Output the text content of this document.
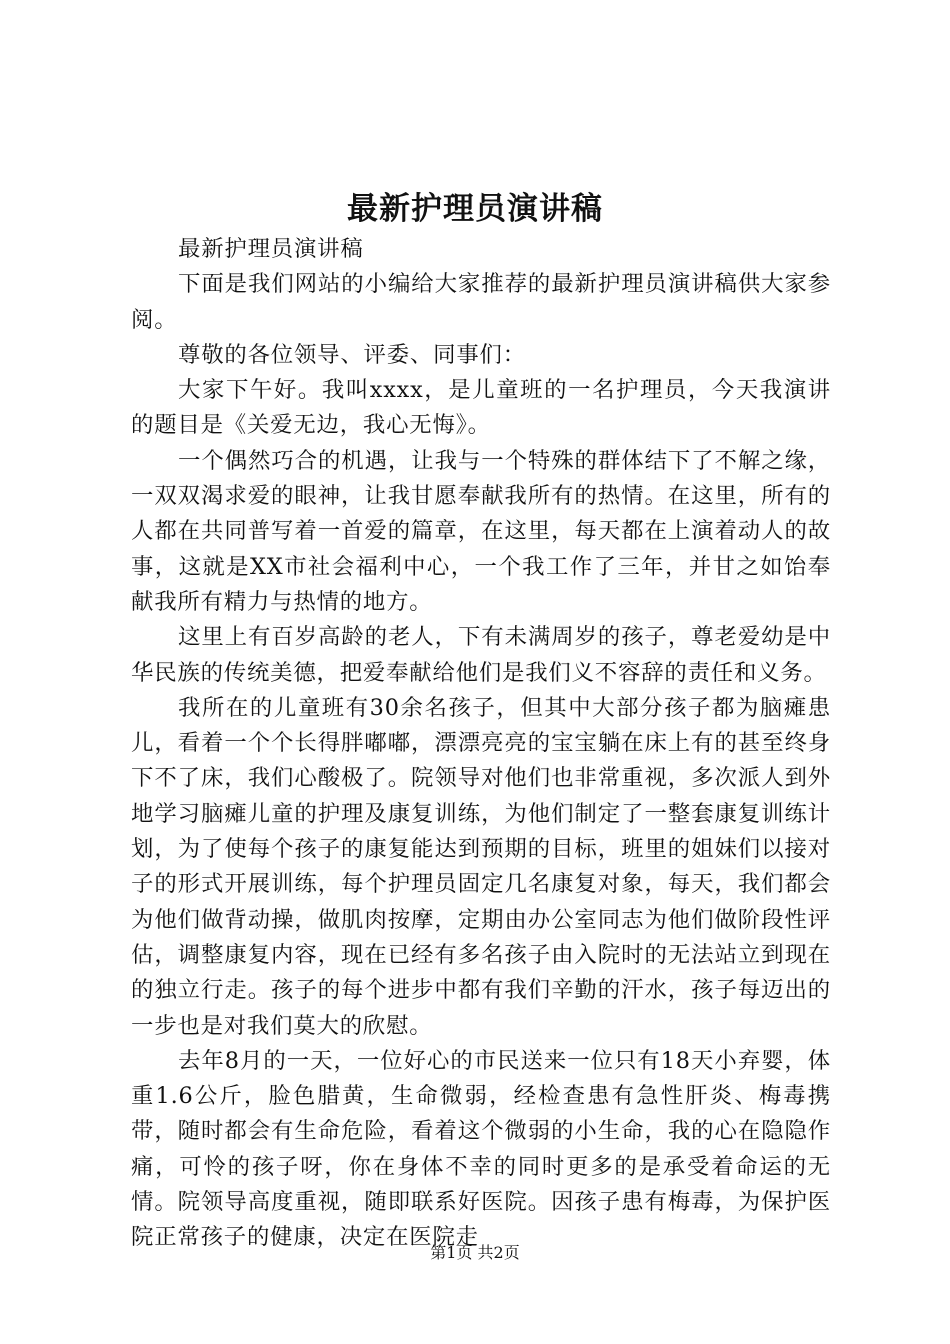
最新护理员演讲稿

最新护理员演讲稿

下面是我们网站的小编给大家推荐的最新护理员演讲稿供大家参阅。

尊敬的各位领导、评委、同事们：

大家下午好。我叫xxxx，是儿童班的一名护理员，今天我演讲的题目是《关爱无边，我心无悔》。

一个偶然巧合的机遇，让我与一个特殊的群体结下了不解之缘，一双双渴求爱的眼神，让我甘愿奉献我所有的热情。在这里，所有的人都在共同普写着一首爱的篇章，在这里，每天都在上演着动人的故事，这就是XX市社会福利中心，一个我工作了三年，并甘之如饴奉献我所有精力与热情的地方。

这里上有百岁高龄的老人，下有未满周岁的孩子，尊老爱幼是中华民族的传统美德，把爱奉献给他们是我们义不容辞的责任和义务。

我所在的儿童班有30余名孩子，但其中大部分孩子都为脑瘫患儿，看着一个个长得胖嘟嘟，漂漂亮亮的宝宝躺在床上有的甚至终身下不了床，我们心酸极了。院领导对他们也非常重视，多次派人到外地学习脑瘫儿童的护理及康复训练，为他们制定了一整套康复训练计划，为了使每个孩子的康复能达到预期的目标，班里的姐妹们以接对子的形式开展训练，每个护理员固定几名康复对象，每天，我们都会为他们做背动操，做肌肉按摩，定期由办公室同志为他们做阶段性评估，调整康复内容，现在已经有多名孩子由入院时的无法站立到现在的独立行走。孩子的每个进步中都有我们辛勤的汗水，孩子每迈出的一步也是对我们莫大的欣慰。

去年8月的一天，一位好心的市民送来一位只有18天小弃婴，体重1.6公斤，脸色腊黄，生命微弱，经检查患有急性肝炎、梅毒携带，随时都会有生命危险，看着这个微弱的小生命，我的心在隐隐作痛，可怜的孩子呀，你在身体不幸的同时更多的是承受着命运的无情。院领导高度重视，随即联系好医院。因孩子患有梅毒，为保护医院正常孩子的健康，决定在医院走

第1页 共2页
